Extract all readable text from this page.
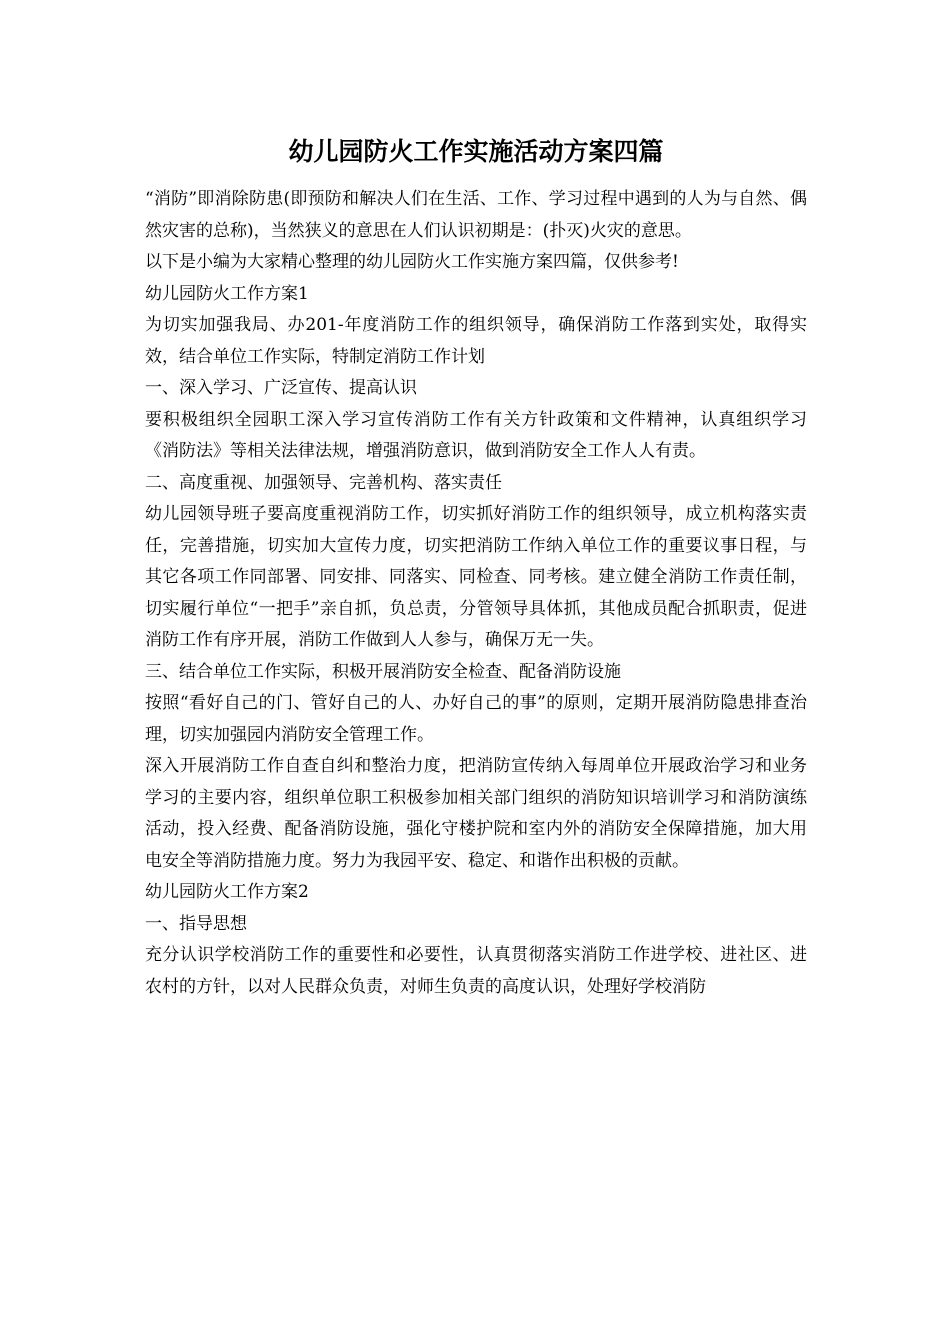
幼儿园防火工作实施活动方案四篇

“消防”即消除防患(即预防和解决人们在生活、工作、学习过程中遇到的人为与自然、偶然灾害的总称)，当然狭义的意思在人们认识初期是：(扑灭)火灾的意思。

以下是小编为大家精心整理的幼儿园防火工作实施方案四篇，仅供参考!

幼儿园防火工作方案1

为切实加强我局、办201-年度消防工作的组织领导，确保消防工作落到实处，取得实效，结合单位工作实际，特制定消防工作计划

一、深入学习、广泛宣传、提高认识

要积极组织全园职工深入学习宣传消防工作有关方针政策和文件精神，认真组织学习《消防法》等相关法律法规，增强消防意识，做到消防安全工作人人有责。

二、高度重视、加强领导、完善机构、落实责任

幼儿园领导班子要高度重视消防工作，切实抓好消防工作的组织领导，成立机构落实责任，完善措施，切实加大宣传力度，切实把消防工作纳入单位工作的重要议事日程，与其它各项工作同部署、同安排、同落实、同检查、同考核。建立健全消防工作责任制，切实履行单位“一把手”亲自抓，负总责，分管领导具体抓，其他成员配合抓职责，促进消防工作有序开展，消防工作做到人人参与，确保万无一失。

三、结合单位工作实际，积极开展消防安全检查、配备消防设施

按照“看好自己的门、管好自己的人、办好自己的事”的原则，定期开展消防隐患排查治理，切实加强园内消防安全管理工作。

深入开展消防工作自查自纠和整治力度，把消防宣传纳入每周单位开展政治学习和业务学习的主要内容，组织单位职工积极参加相关部门组织的消防知识培训学习和消防演练活动，投入经费、配备消防设施，强化守楼护院和室内外的消防安全保障措施，加大用电安全等消防措施力度。努力为我园平安、稳定、和谐作出积极的贡献。

幼儿园防火工作方案2

一、指导思想

充分认识学校消防工作的重要性和必要性，认真贯彻落实消防工作进学校、进社区、进农村的方针，以对人民群众负责，对师生负责的高度认识，处理好学校消防
